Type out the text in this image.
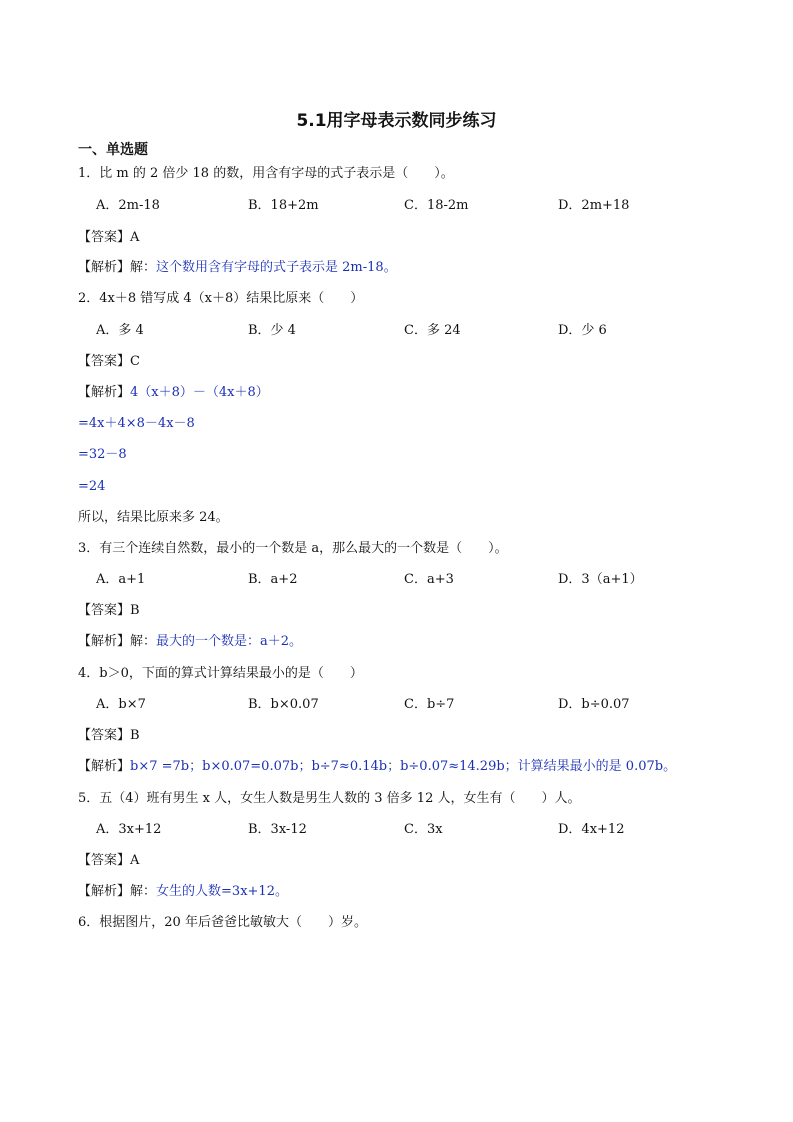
5.1用字母表示数同步练习
一、单选题
1．比 m 的 2 倍少 18 的数，用含有字母的式子表示是（　　）。
A．2m-18	B．18+2m	C．18-2m	D．2m+18
【答案】A
【解析】解：这个数用含有字母的式子表示是 2m-18。
2．4x＋8 错写成 4（x＋8）结果比原来（　　）
A．多 4	B．少 4	C．多 24	D．少 6
【答案】C
【解析】4（x＋8）－（4x＋8）
=4x＋4×8－4x－8
=32－8
=24
所以，结果比原来多 24。
3．有三个连续自然数，最小的一个数是 a，那么最大的一个数是（　　）。
A．a+1	B．a+2	C．a+3	D．3（a+1）
【答案】B
【解析】解：最大的一个数是：a＋2。
4．b＞0，下面的算式计算结果最小的是（　　）
A．b×7	B．b×0.07	C．b÷7	D．b÷0.07
【答案】B
【解析】b×7 =7b；b×0.07=0.07b；b÷7≈0.14b；b÷0.07≈14.29b；计算结果最小的是 0.07b。
5．五（4）班有男生 x 人，女生人数是男生人数的 3 倍多 12 人，女生有（　　）人。
A．3x+12	B．3x-12	C．3x	D．4x+12
【答案】A
【解析】解：女生的人数=3x+12。
6．根据图片，20 年后爸爸比敏敏大（　　）岁。
